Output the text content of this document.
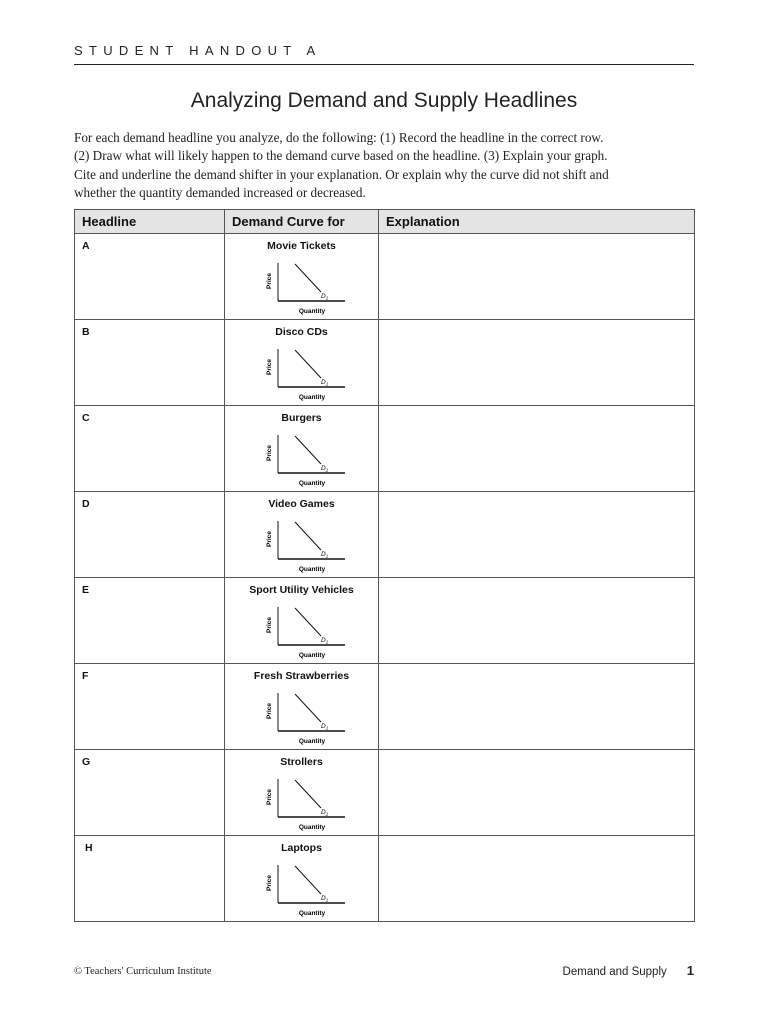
STUDENT HANDOUT A
Analyzing Demand and Supply Headlines
For each demand headline you analyze, do the following: (1) Record the headline in the correct row.
(2) Draw what will likely happen to the demand curve based on the headline. (3) Explain your graph.
Cite and underline the demand shifter in your explanation. Or explain why the curve did not shift and
whether the quantity demanded increased or decreased.
Headline	Demand Curve for	Explanation

A	Movie Tickets
$D_1$
Price
Quantity	

B	Disco CDs
$D_1$
Price
Quantity	

C	Burgers
$D_1$
Price
Quantity	

D	Video Games
$D_1$
Price
Quantity	

E	Sport Utility Vehicles
$D_1$
Price
Quantity	

F	Fresh Strawberries
$D_1$
Price
Quantity	

G	Strollers
$D_1$
Price
Quantity	

H	Laptops
$D_1$
Price
Quantity	

© Teachers' Curriculum Institute	Demand and Supply 1
